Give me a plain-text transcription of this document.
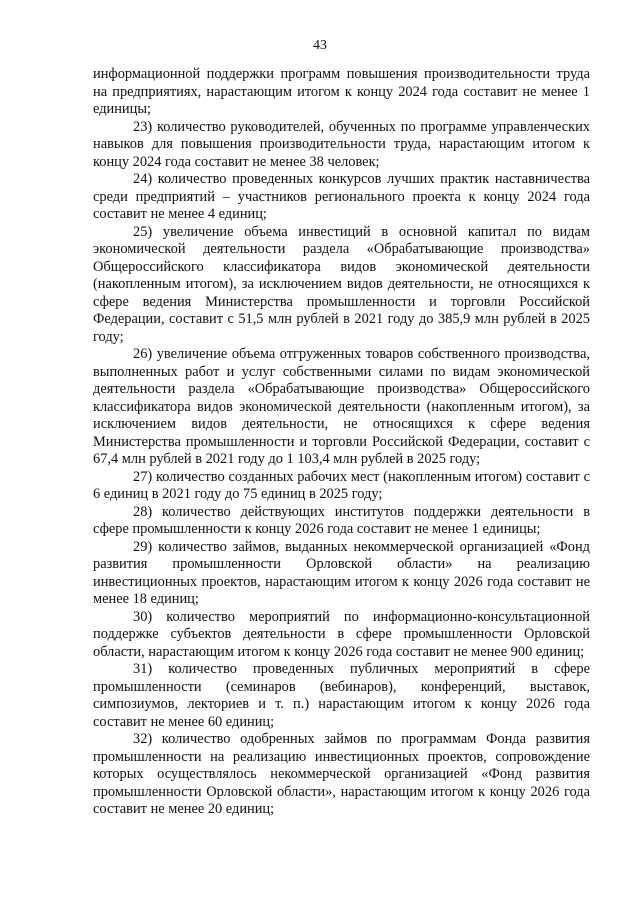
43

информационной поддержки программ повышения производительности труда на предприятиях, нарастающим итогом к концу 2024 года составит не менее 1 единицы;

23) количество руководителей, обученных по программе управленческих навыков для повышения производительности труда, нарастающим итогом к концу 2024 года составит не менее 38 человек;

24) количество проведенных конкурсов лучших практик наставничества среди предприятий – участников регионального проекта к концу 2024 года составит не менее 4 единиц;

25) увеличение объема инвестиций в основной капитал по видам экономической деятельности раздела «Обрабатывающие производства» Общероссийского классификатора видов экономической деятельности (накопленным итогом), за исключением видов деятельности, не относящихся к сфере ведения Министерства промышленности и торговли Российской Федерации, составит с 51,5 млн рублей в 2021 году до 385,9 млн рублей в 2025 году;

26) увеличение объема отгруженных товаров собственного производства, выполненных работ и услуг собственными силами по видам экономической деятельности раздела «Обрабатывающие производства» Общероссийского классификатора видов экономической деятельности (накопленным итогом), за исключением видов деятельности, не относящихся к сфере ведения Министерства промышленности и торговли Российской Федерации, составит с 67,4 млн рублей в 2021 году до 1 103,4 млн рублей в 2025 году;

27) количество созданных рабочих мест (накопленным итогом) составит с 6 единиц в 2021 году до 75 единиц в 2025 году;

28) количество действующих институтов поддержки деятельности в сфере промышленности к концу 2026 года составит не менее 1 единицы;

29) количество займов, выданных некоммерческой организацией «Фонд развития промышленности Орловской области» на реализацию инвестиционных проектов, нарастающим итогом к концу 2026 года составит не менее 18 единиц;

30) количество мероприятий по информационно-консультационной поддержке субъектов деятельности в сфере промышленности Орловской области, нарастающим итогом к концу 2026 года составит не менее 900 единиц;

31) количество проведенных публичных мероприятий в сфере промышленности (семинаров (вебинаров), конференций, выставок, симпозиумов, лекториев и т. п.) нарастающим итогом к концу 2026 года составит не менее 60 единиц;

32) количество одобренных займов по программам Фонда развития промышленности на реализацию инвестиционных проектов, сопровождение которых осуществлялось некоммерческой организацией «Фонд развития промышленности Орловской области», нарастающим итогом к концу 2026 года составит не менее 20 единиц;
